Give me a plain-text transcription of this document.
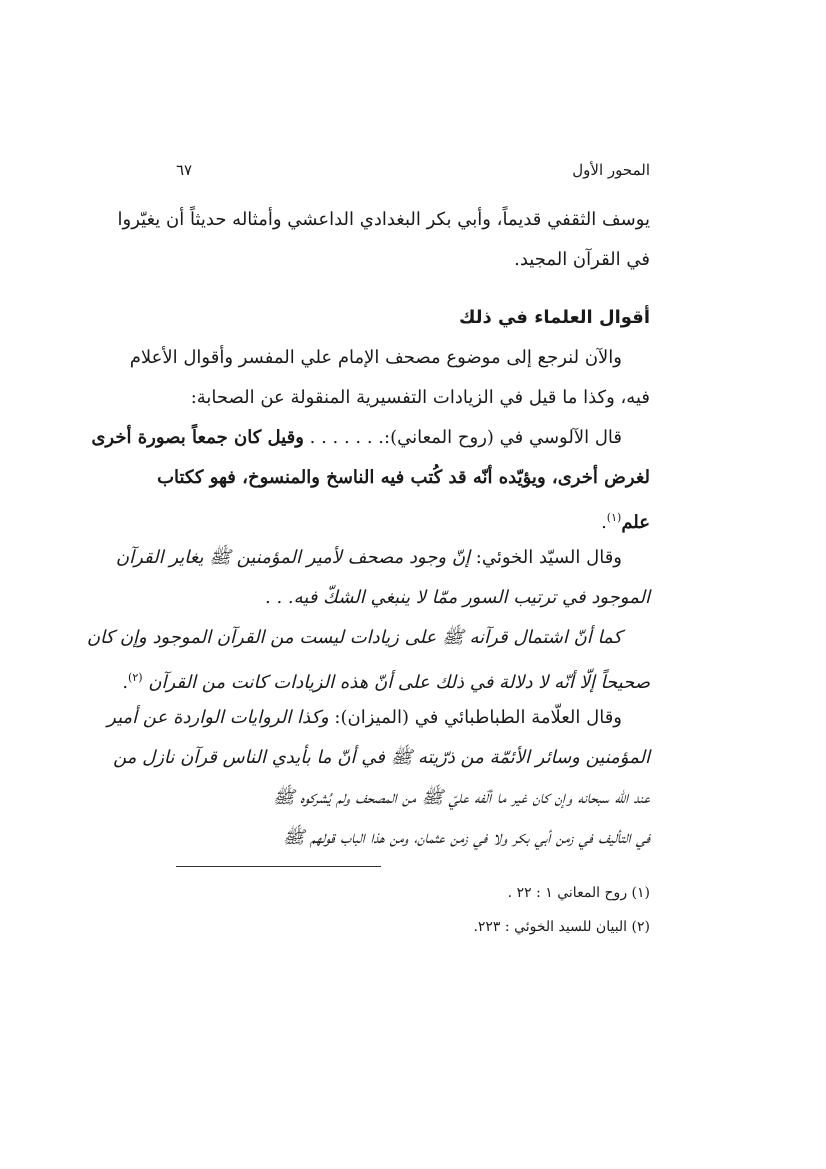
المحور الأول
٦٧
يوسف الثقفي قديماً، وأبي بكر البغدادي الداعشي وأمثاله حديثاً أن يغيّروا
في القرآن المجيد.
أقوال العلماء في ذلك
والآن لنرجع إلى موضوع مصحف الإمام علي المفسر وأقوال الأعلام
فيه، وكذا ما قيل في الزيادات التفسيرية المنقولة عن الصحابة:
قال الآلوسي في (روح المعاني):. . . . . . . وقيل كان جمعاً بصورة أخرى
لغرض أخرى، ويؤيّده أنّه قد كُتب فيه الناسخ والمنسوخ، فهو ككتاب
علم$^{(١)}$.
وقال السيّد الخوئي: إنّ وجود مصحف لأمير المؤمنين ﷺ يغاير القرآن
الموجود في ترتيب السور ممّا لا ينبغي الشكّ فيه. . .
كما أنّ اشتمال قرآنه ﷺ على زيادات ليست من القرآن الموجود وإن كان
صحيحاً إلّا أنّه لا دلالة في ذلك على أنّ هذه الزيادات كانت من القرآن $^{(٢)}$.
وقال العلّامة الطباطبائي في (الميزان): وكذا الروايات الواردة عن أمير
المؤمنين وسائر الأئمّة من ذرّيته ﷺ في أنّ ما بأيدي الناس قرآن نازل من
عند الله سبحانه وإن كان غير ما ألّفه عليّ ﷺ من المصحف ولم يُشركوه ﷺ
في التأليف في زمن أبي بكر ولا في زمن عثمان، ومن هذا الباب قولهم ﷺ
(١) روح المعاني ١ : ٢٢ .
(٢) البيان للسيد الخوئي : ٢٢٣.
